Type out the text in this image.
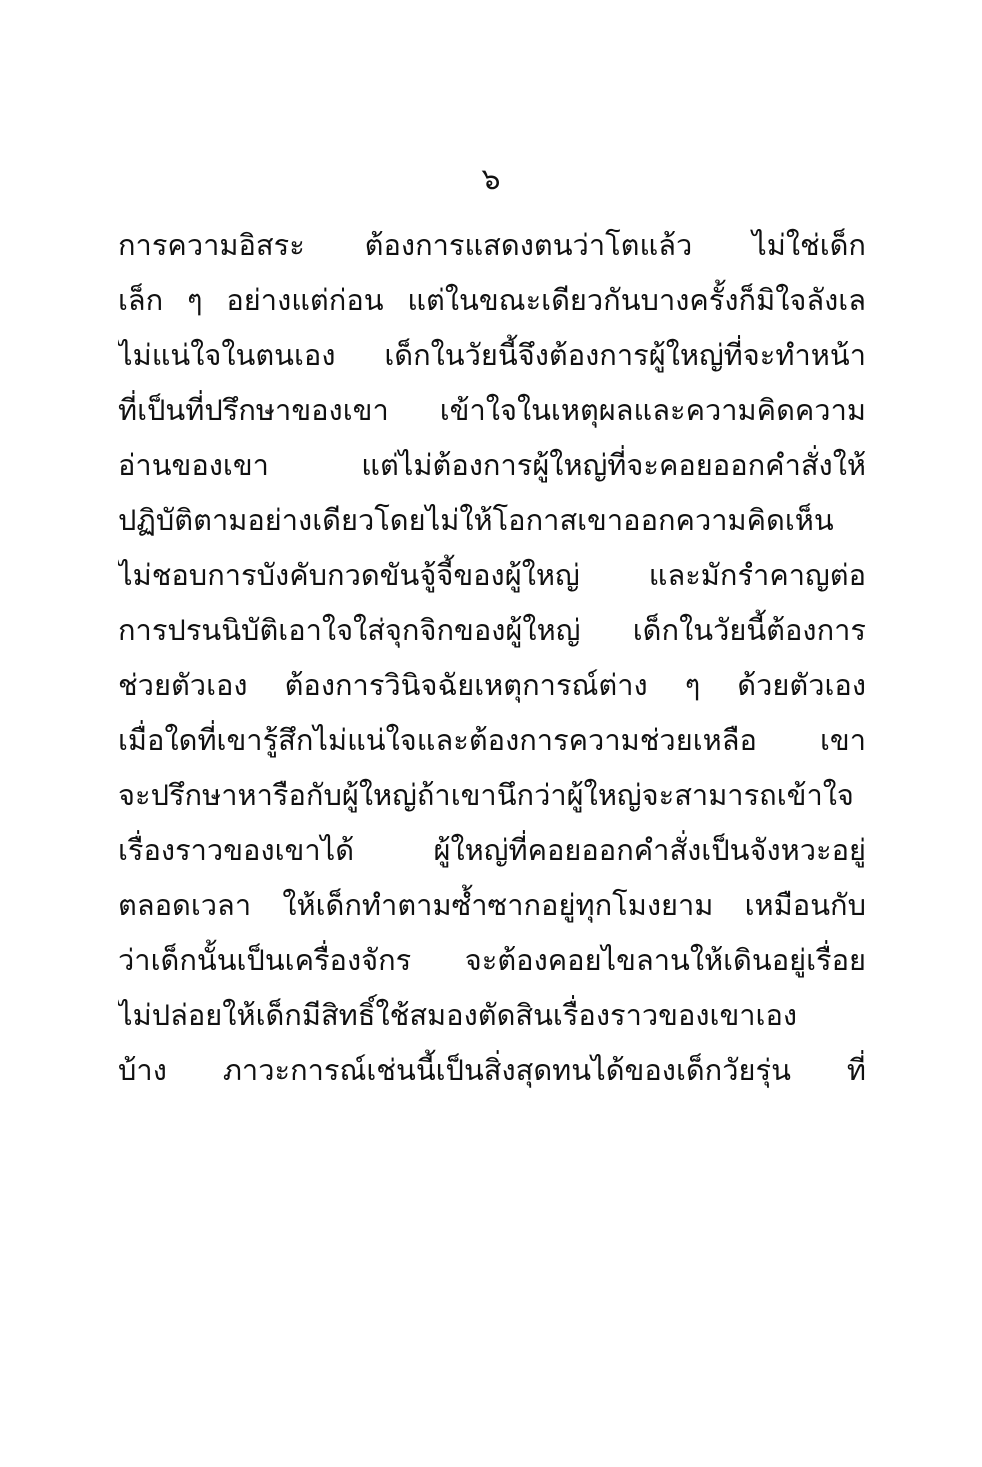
๖
การความอิสระ ต้องการแสดงตนว่าโตแล้ว ไม่ใช่เด็ก
เล็ก ๆ อย่างแต่ก่อน แต่ในขณะเดียวกันบางครั้งก็มิใจลังเล
ไม่แน่ใจในตนเอง เด็กในวัยนี้จึงต้องการผู้ใหญ่ที่จะทำหน้า
ที่เป็นที่ปรึกษาของเขา เข้าใจในเหตุผลและความคิดความ
อ่านของเขา แต่ไม่ต้องการผู้ใหญ่ที่จะคอยออกคำสั่งให้
ปฏิบัติตามอย่างเดียวโดยไม่ให้โอกาสเขาออกความคิดเห็น
ไม่ชอบการบังคับกวดขันจู้จี้ของผู้ใหญ่ และมักรำคาญต่อ
การปรนนิบัติเอาใจใส่จุกจิกของผู้ใหญ่ เด็กในวัยนี้ต้องการ
ช่วยตัวเอง ต้องการวินิจฉัยเหตุการณ์ต่าง ๆ ด้วยตัวเอง
เมื่อใดที่เขารู้สึกไม่แน่ใจและต้องการความช่วยเหลือ เขา
จะปรึกษาหารือกับผู้ใหญ่ถ้าเขานึกว่าผู้ใหญ่จะสามารถเข้าใจ
เรื่องราวของเขาได้ ผู้ใหญ่ที่คอยออกคำสั่งเป็นจังหวะอยู่
ตลอดเวลา ให้เด็กทำตามซ้ำซากอยู่ทุกโมงยาม เหมือนกับ
ว่าเด็กนั้นเป็นเครื่องจักร จะต้องคอยไขลานให้เดินอยู่เรื่อย
ไม่ปล่อยให้เด็กมีสิทธิ์ใช้สมองตัดสินเรื่องราวของเขาเอง
บ้าง ภาวะการณ์เช่นนี้เป็นสิ่งสุดทนได้ของเด็กวัยรุ่น ที่
